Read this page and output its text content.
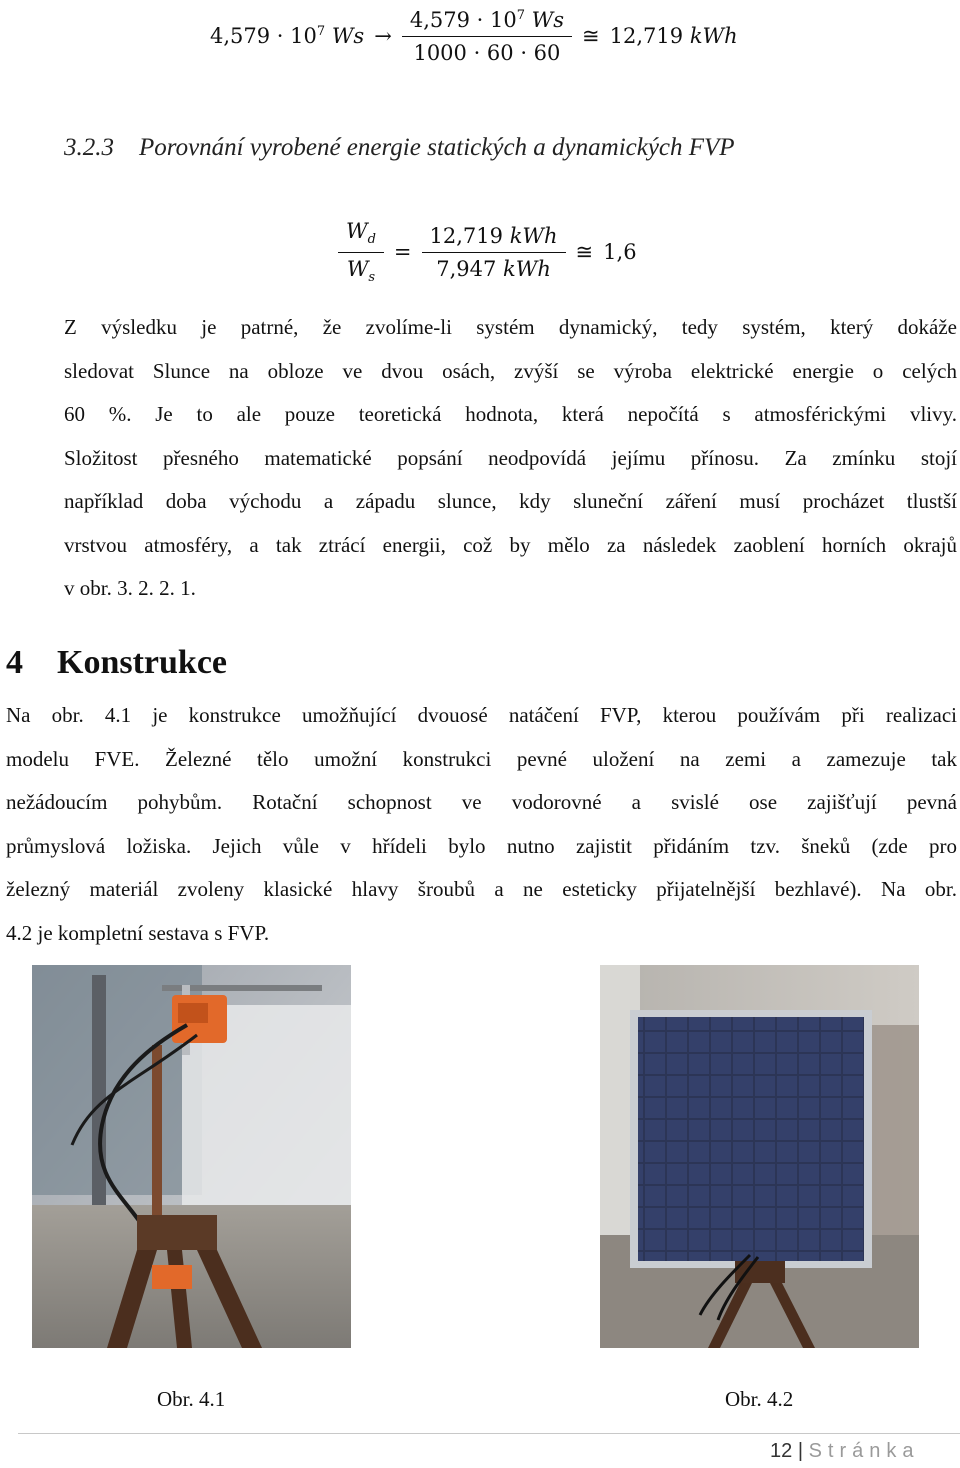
$4,579 \cdot 10^7$ $Ws \to \frac{4,579 \cdot 10^7 Ws}{1000 \cdot 60 \cdot 60}$ ≅ 12,719 kWh
3.2.3 Porovnání vyrobené energie statických a dynamických FVP
$\frac{W_d}{W_s} = \frac{\text{12,719 kWh}}{\text{7,947 kWh}}$ ≅ 1,6
Z výsledku je patrné, že zvolíme-li systém dynamický, tedy systém, který dokáže
sledovat Slunce na obloze ve dvou osách, zvýší se výroba elektrické energie o celých
60 %. Je to ale pouze teoretická hodnota, která nepočítá s atmosférickými vlivy.
Složitost přesného matematické popsání neodpovídá jejímu přínosu. Za zmínku stojí
například doba východu a západu slunce, kdy sluneční záření musí procházet tlustší
vrstvou atmosféry, a tak ztrácí energii, což by mělo za následek zaoblení horních okrajů
v obr. 3. 2. 2. 1.
4 Konstrukce
Na obr. 4.1 je konstrukce umožňující dvouosé natáčení FVP, kterou používám při realizaci
modelu FVE. Železné tělo umožní konstrukci pevné uložení na zemi a zamezuje tak
nežádoucím pohybům. Rotační schopnost ve vodorovné a svislé ose zajišťují pevná
průmyslová ložiska. Jejich vůle v hřídeli bylo nutno zajistit přidáním tzv. šneků (zde pro
železný materiál zvoleny klasické hlavy šroubů a ne esteticky přijatelnější bezhlavé). Na obr.
4.2 je kompletní sestava s FVP.
Obr. 4.1	Obr. 4.2
12 | Stránka
